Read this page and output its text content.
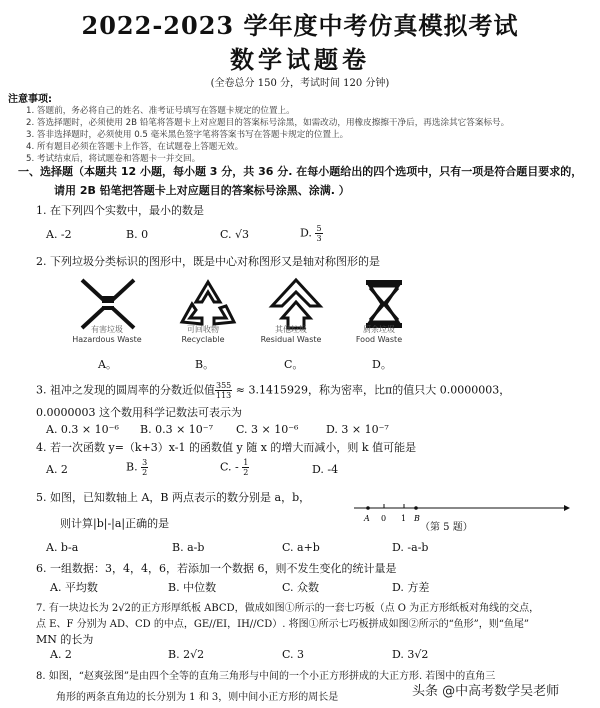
2022-2023 学年度中考仿真模拟考试
数学试题卷
(全卷总分 150 分，考试时间 120 分钟)
注意事项:
1. 答题前，务必将自己的姓名、准考证号填写在答题卡规定的位置上。
2. 答选择题时，必须使用 2B 铅笔将答题卡上对应题目的答案标号涂黑，如需改动，用橡皮擦擦干净后，再选涂其它答案标号。
3. 答非选择题时，必须使用 0.5 毫米黑色签字笔将答案书写在答题卡规定的位置上。
4. 所有题目必须在答题卡上作答，在试题卷上答题无效。
5. 考试结束后，将试题卷和答题卡一并交回。
一、选择题（本题共 12 小题，每小题 3 分，共 36 分. 在每小题给出的四个选项中，只有一项是符合题目要求的，
请用 2B 铅笔把答题卡上对应题目的答案标号涂黑、涂满. ）
1. 在下列四个实数中，最小的数是
A. -2	B. 0	C. √3	D. $\frac{5}{3}$
2. 下列垃圾分类标识的图形中，既是中心对称图形又是轴对称图形的是
有害垃圾
Hazardous Waste
A。
可回收物
Recyclable
B。
其他垃圾
Residual Waste
C。
厨余垃圾
Food Waste
D。
3. 祖冲之发现的圆周率的分数近似值 $\frac{355}{113} \approx 3.1415929$，称为密率，比π的值只大 0.0000003，
0.0000003 这个数用科学记数法可表示为
A. 0.3 × 10⁻⁶ B. 0.3 × 10⁻⁷ C. 3 × 10⁻⁶	D. 3 × 10⁻⁷
4. 若一次函数 y=（k+3）x-1 的函数值 y 随 x 的增大而减小，则 k 值可能是
A. 2	B. $\frac{3}{2}$	C. - $\frac{1}{2}$	D. -4
5. 如图，已知数轴上 A，B 两点表示的数分别是 a，b，
则计算|b|-|a|正确的是	A 0 1 B
（第 5 题）
A. b-a	B. a-b	C. a+b	D. -a-b
6. 一组数据：3，4，4，6，若添加一个数据 6，则不发生变化的统计量是
A. 平均数	B. 中位数	C. 众数	D. 方差
7. 有一块边长为 2√2的正方形厚纸板 ABCD，做成如图①所示的一套七巧板（点 O 为正方形纸板对角线的交点，
点 E、F 分别为 AD、CD 的中点，GE//EI，IH//CD）. 将图①所示七巧板拼成如图②所示的“鱼形”，则“鱼尾”
MN 的长为
A. 2	B. 2√2	C. 3	D. 3√2
8. 如图，“赵爽弦图”是由四个全等的直角三角形与中间的一个小正方形拼成的大正方形. 若图中的直角三
角形的两条直角边的长分别为 1 和 3，则中间小正方形的周长是	头条 @中高考数学吴老师
